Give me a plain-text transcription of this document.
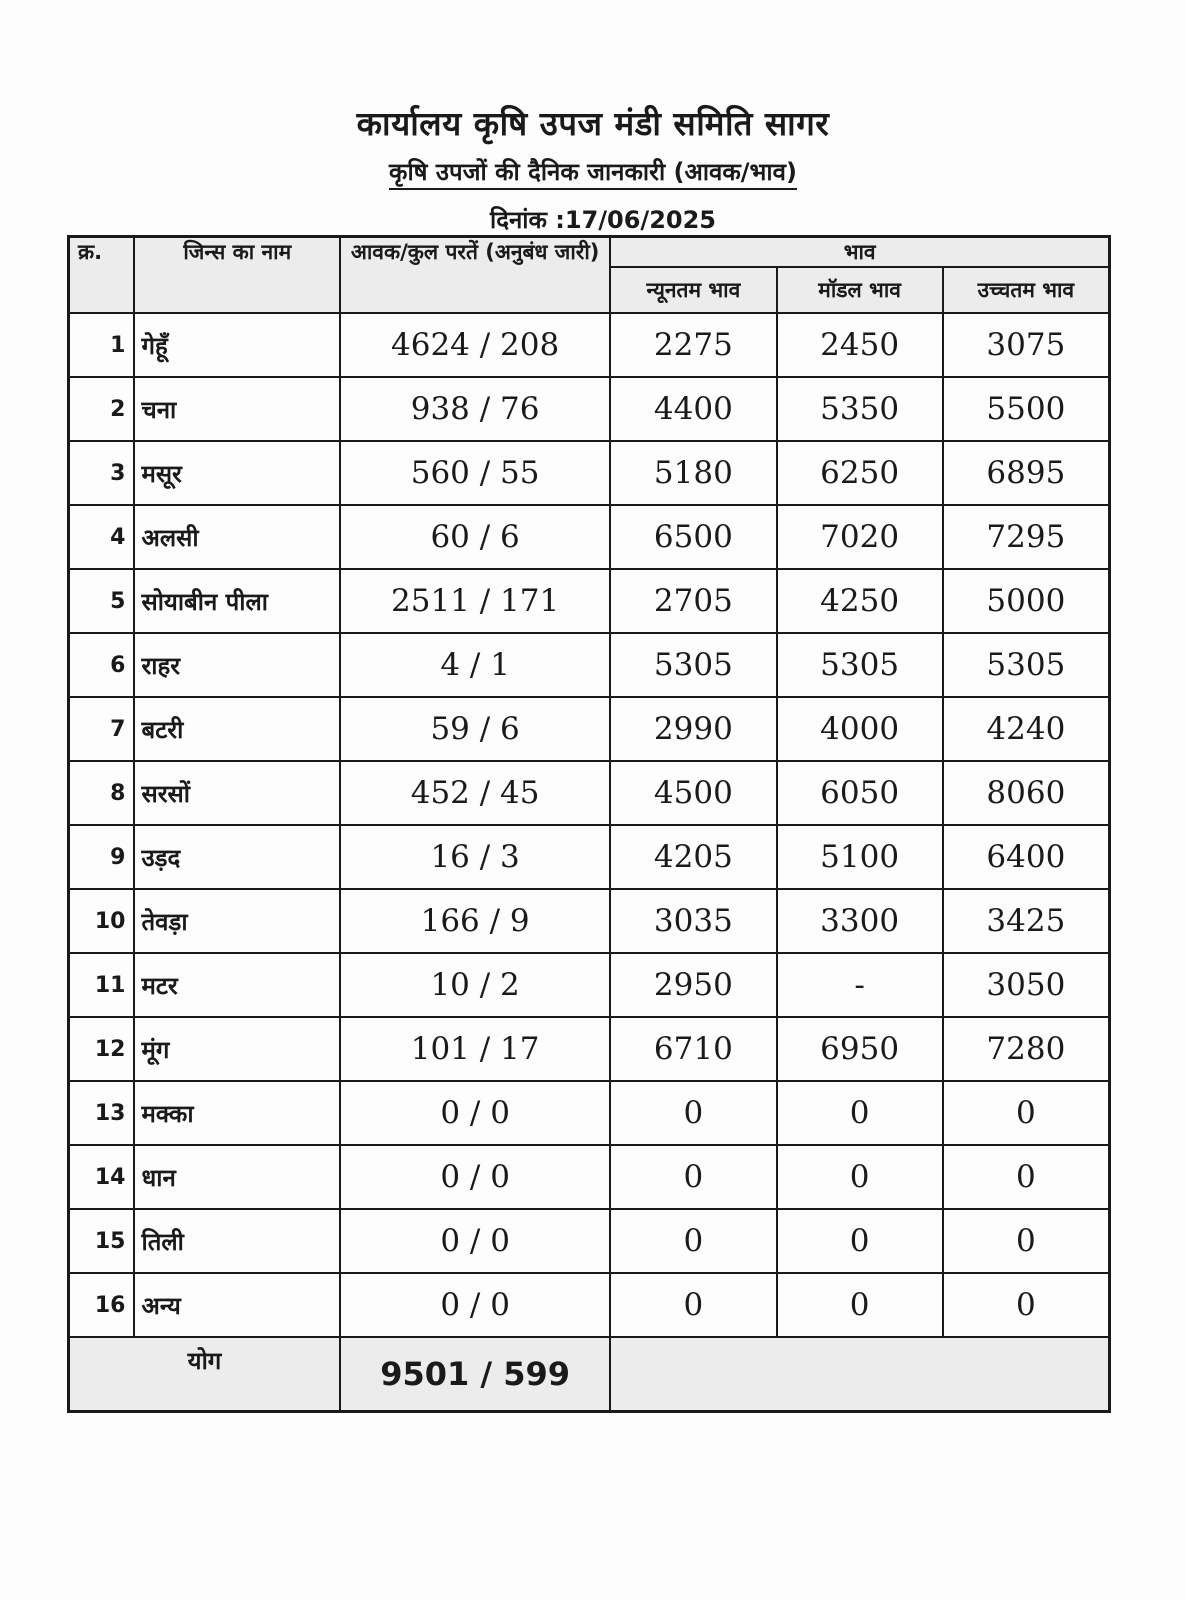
कार्यालय कृषि उपज मंडी समिति सागर
कृषि उपजों की दैनिक जानकारी (आवक/भाव)
दिनांक :17/06/2025
क्र.	जिन्स का नाम	आवक/कुल परतें (अनुबंध जारी)	भाव		
			न्यूनतम भाव	मॉडल भाव	उच्चतम भाव
1	गेहूँ	4624 / 208	2275	2450	3075
2	चना	938 / 76	4400	5350	5500
3	मसूर	560 / 55	5180	6250	6895
4	अलसी	60 / 6	6500	7020	7295
5	सोयाबीन पीला	2511 / 171	2705	4250	5000
6	राहर	4 / 1	5305	5305	5305
7	बटरी	59 / 6	2990	4000	4240
8	सरसों	452 / 45	4500	6050	8060
9	उड़द	16 / 3	4205	5100	6400
10	तेवड़ा	166 / 9	3035	3300	3425
11	मटर	10 / 2	2950	-	3050
12	मूंग	101 / 17	6710	6950	7280
13	मक्का	0 / 0	0	0	0
14	धान	0 / 0	0	0	0
15	तिली	0 / 0	0	0	0
16	अन्य	0 / 0	0	0	0
योग		9501 / 599			
